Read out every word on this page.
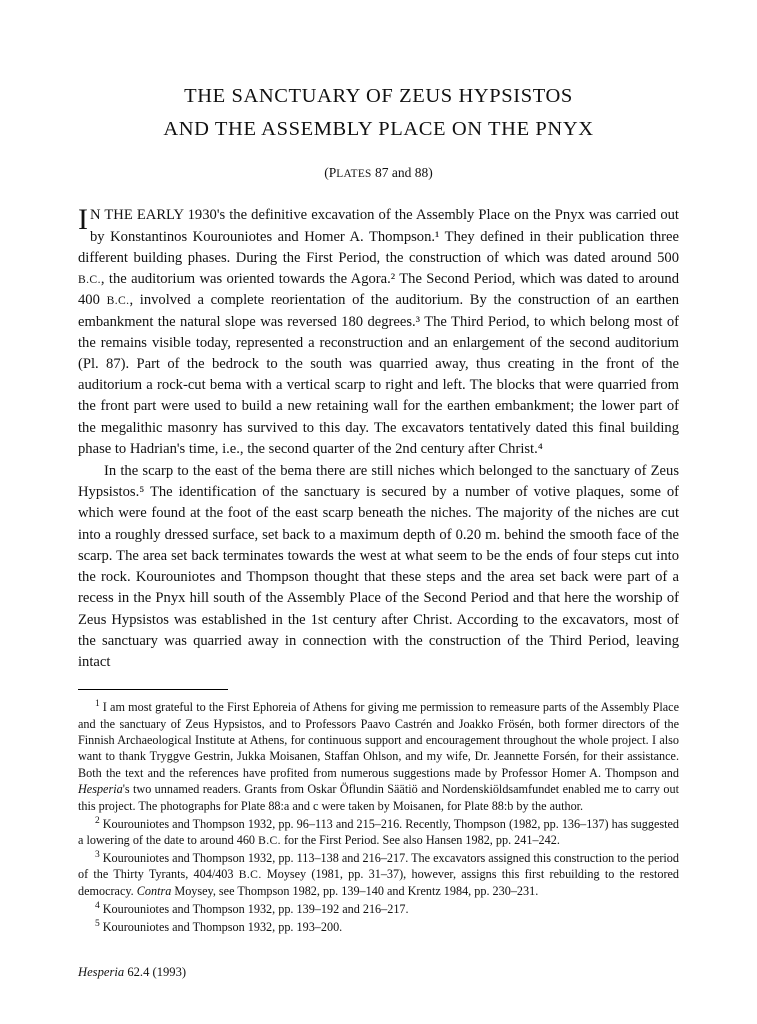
THE SANCTUARY OF ZEUS HYPSISTOS
AND THE ASSEMBLY PLACE ON THE PNYX
(PLATES 87 and 88)

I N THE EARLY 1930's the definitive excavation of the Assembly Place on the Pnyx was carried out by Konstantinos Kourouniotes and Homer A. Thompson.¹ They defined in their publication three different building phases. During the First Period, the construction of which was dated around 500 B.C., the auditorium was oriented towards the Agora.² The Second Period, which was dated to around 400 B.C., involved a complete reorientation of the auditorium. By the construction of an earthen embankment the natural slope was reversed 180 degrees.³ The Third Period, to which belong most of the remains visible today, represented a reconstruction and an enlargement of the second auditorium (Pl. 87). Part of the bedrock to the south was quarried away, thus creating in the front of the auditorium a rock-cut bema with a vertical scarp to right and left. The blocks that were quarried from the front part were used to build a new retaining wall for the earthen embankment; the lower part of the megalithic masonry has survived to this day. The excavators tentatively dated this final building phase to Hadrian's time, i.e., the second quarter of the 2nd century after Christ.⁴

In the scarp to the east of the bema there are still niches which belonged to the sanctuary of Zeus Hypsistos.⁵ The identification of the sanctuary is secured by a number of votive plaques, some of which were found at the foot of the east scarp beneath the niches. The majority of the niches are cut into a roughly dressed surface, set back to a maximum depth of 0.20 m. behind the smooth face of the scarp. The area set back terminates towards the west at what seem to be the ends of four steps cut into the rock. Kourouniotes and Thompson thought that these steps and the area set back were part of a recess in the Pnyx hill south of the Assembly Place of the Second Period and that here the worship of Zeus Hypsistos was established in the 1st century after Christ. According to the excavators, most of the sanctuary was quarried away in connection with the construction of the Third Period, leaving intact

$^1$ I am most grateful to the First Ephoreia of Athens for giving me permission to remeasure parts of the Assembly Place and the sanctuary of Zeus Hypsistos, and to Professors Paavo Castrén and Joakko Frösén, both former directors of the Finnish Archaeological Institute at Athens, for continuous support and encouragement throughout the whole project. I also want to thank Tryggve Gestrin, Jukka Moisanen, Staffan Ohlson, and my wife, Dr. Jeannette Forsén, for their assistance. Both the text and the references have profited from numerous suggestions made by Professor Homer A. Thompson and Hesperia's two unnamed readers. Grants from Oskar Öflundin Säätiö and Nordenskiöldsamfundet enabled me to carry out this project. The photographs for Plate 88:a and c were taken by Moisanen, for Plate 88:b by the author.

$^2$ Kourouniotes and Thompson 1932, pp. 96–113 and 215–216. Recently, Thompson (1982, pp. 136–137) has suggested a lowering of the date to around 460 B.C. for the First Period. See also Hansen 1982, pp. 241–242.

$^3$ Kourouniotes and Thompson 1932, pp. 113–138 and 216–217. The excavators assigned this construction to the period of the Thirty Tyrants, 404/403 B.C. Moysey (1981, pp. 31–37), however, assigns this first rebuilding to the restored democracy. Contra Moysey, see Thompson 1982, pp. 139–140 and Krentz 1984, pp. 230–231.

$^4$ Kourouniotes and Thompson 1932, pp. 139–192 and 216–217.

$^5$ Kourouniotes and Thompson 1932, pp. 193–200.

Hesperia 62.4 (1993)
